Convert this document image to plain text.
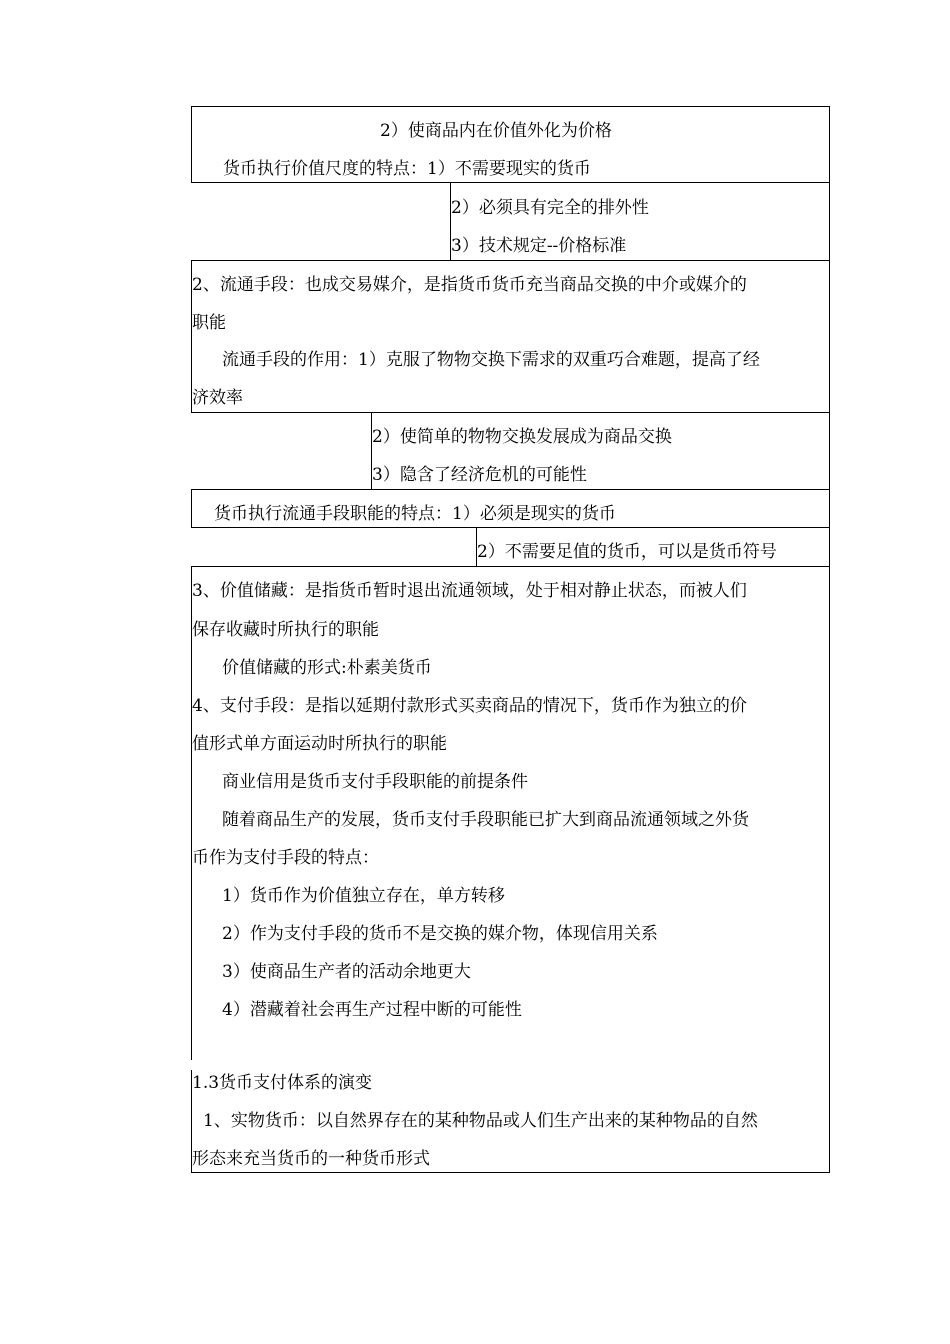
2）使商品内在价值外化为价格
货币执行价值尺度的特点：1）不需要现实的货币
2）必须具有完全的排外性
3）技术规定--价格标准
2、流通手段：也成交易媒介，是指货币货币充当商品交换的中介或媒介的
职能
流通手段的作用：1）克服了物物交换下需求的双重巧合难题，提高了经
济效率
2）使简单的物物交换发展成为商品交换
3）隐含了经济危机的可能性
货币执行流通手段职能的特点：1）必须是现实的货币
2）不需要足值的货币，可以是货币符号
3、价值储藏：是指货币暂时退出流通领域，处于相对静止状态，而被人们
保存收藏时所执行的职能
价值储藏的形式:朴素美货币
4、支付手段：是指以延期付款形式买卖商品的情况下，货币作为独立的价
值形式单方面运动时所执行的职能
商业信用是货币支付手段职能的前提条件
随着商品生产的发展，货币支付手段职能已扩大到商品流通领域之外货
币作为支付手段的特点：
1）货币作为价值独立存在，单方转移
2）作为支付手段的货币不是交换的媒介物，体现信用关系
3）使商品生产者的活动余地更大
4）潜藏着社会再生产过程中断的可能性
1.3货币支付体系的演变
1、实物货币：以自然界存在的某种物品或人们生产出来的某种物品的自然
形态来充当货币的一种货币形式
